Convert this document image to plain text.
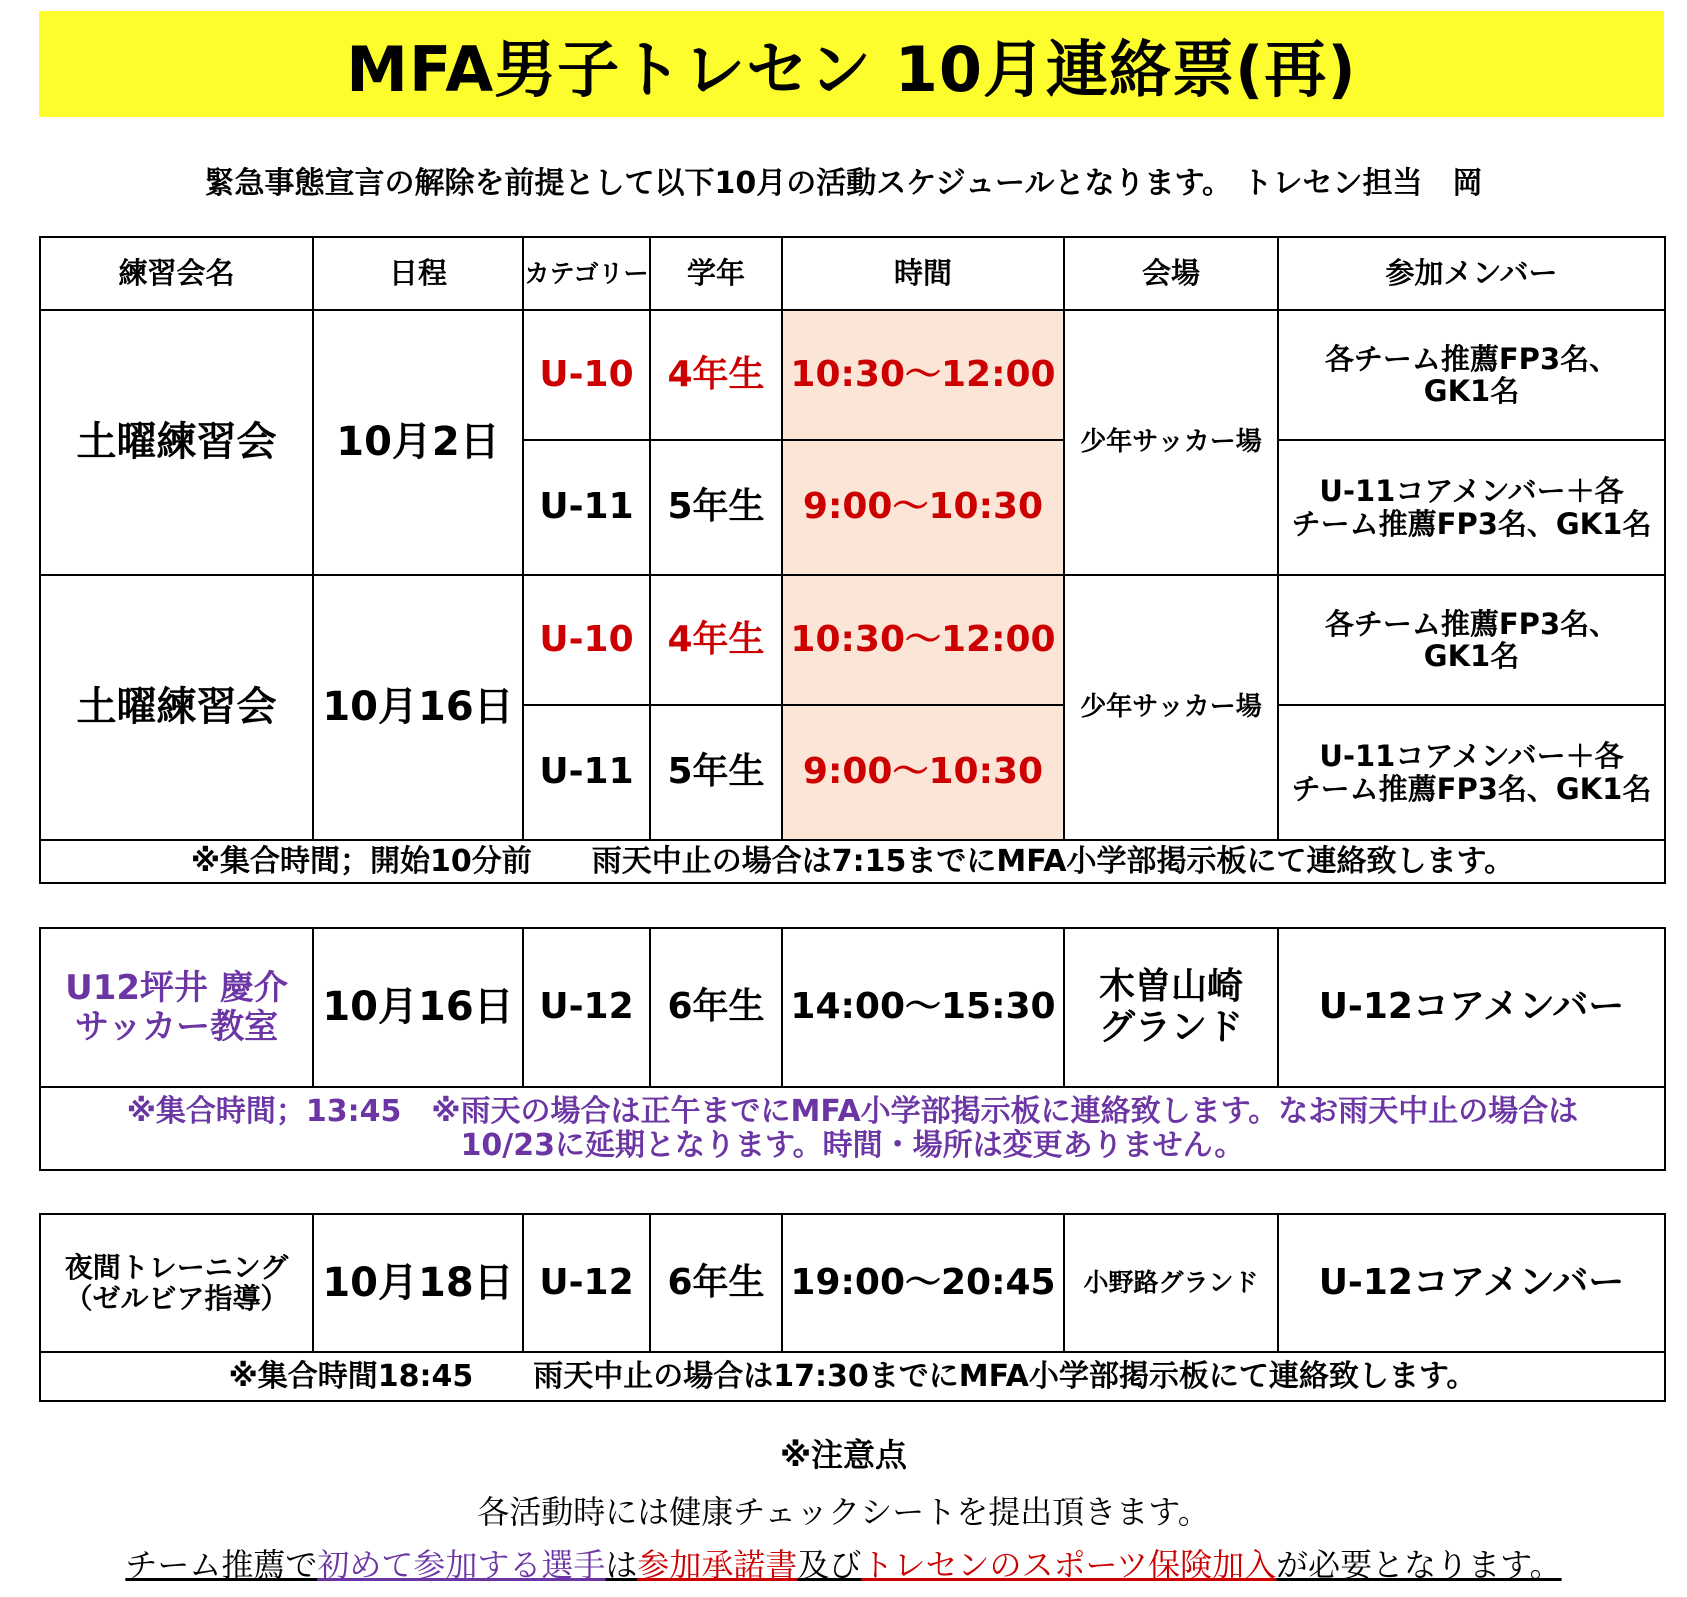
MFA男子トレセン 10月連絡票(再)
緊急事態宣言の解除を前提として以下10月の活動スケジュールとなります。 トレセン担当　岡
練習会名	日程	カテゴリー	学年	時間	会場	参加メンバー
土曜練習会	10月2日	U-10	4年生	10:30～12:00	少年サッカー場	各チーム推薦FP3名、
GK1名

		U-11	5年生	9:00～10:30		U-11コアメンバー＋各
チーム推薦FP3名、GK1名

土曜練習会	10月16日	U-10	4年生	10:30～12:00	少年サッカー場	各チーム推薦FP3名、
GK1名

		U-11	5年生	9:00～10:30		U-11コアメンバー＋各
チーム推薦FP3名、GK1名

※集合時間；開始10分前　　雨天中止の場合は7:15までにMFA小学部掲示板にて連絡致します。						
U12坪井 慶介
サッカー教室	10月16日	U-12	6年生	14:00～15:30	木曽山崎
グランド	U-12コアメンバー

※集合時間；13:45　※雨天の場合は正午までにMFA小学部掲示板に連絡致します。なお雨天中止の場合は
10/23に延期となります。時間・場所は変更ありません。
夜間トレーニング
（ゼルビア指導）	10月18日	U-12	6年生	19:00～20:45	小野路グランド	U-12コアメンバー
※集合時間18:45　　雨天中止の場合は17:30までにMFA小学部掲示板にて連絡致します。
※注意点
各活動時には健康チェックシートを提出頂きます。
チーム推薦で初めて参加する選手は参加承諾書及びトレセンのスポーツ保険加入が必要となります。
